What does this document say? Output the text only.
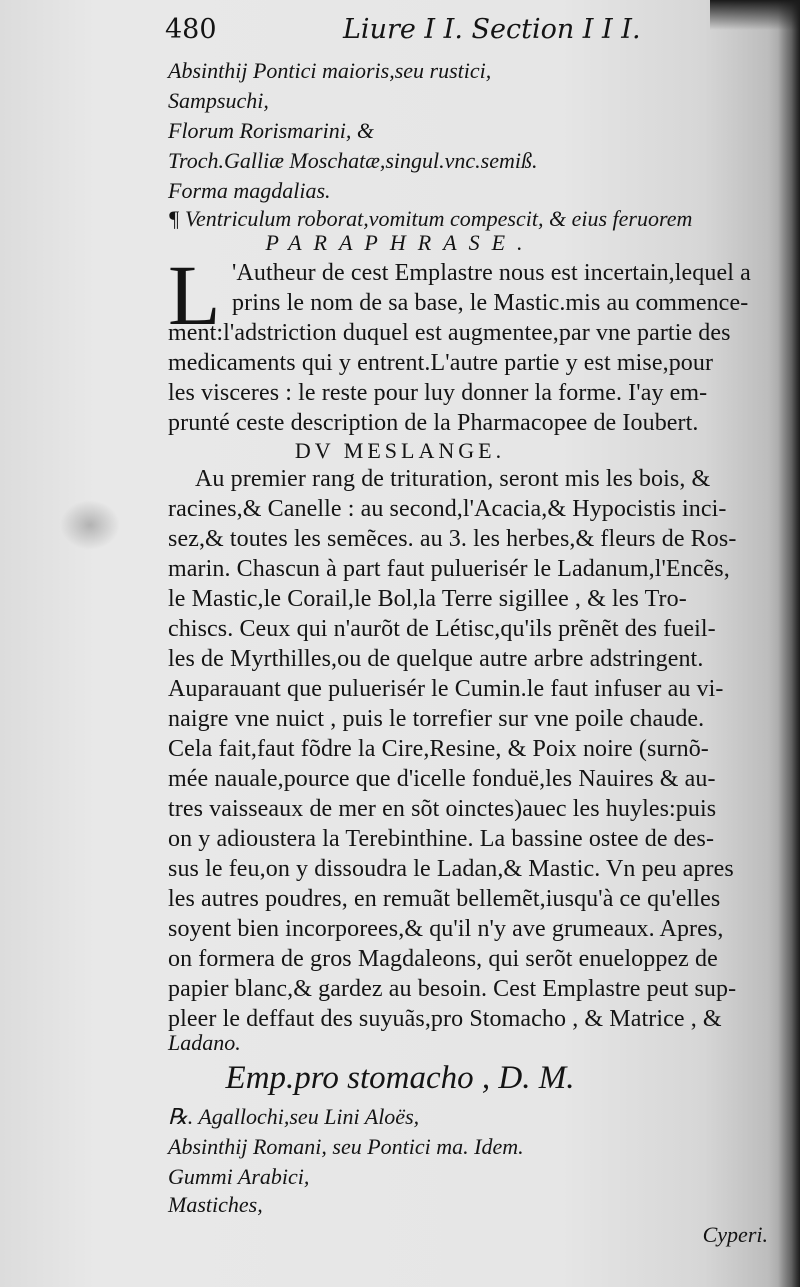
480	Liure I I. Section I I I.
Absinthij Pontici maioris,seu rustici,
Sampsuchi,
Florum Rorismarini, &
Troch.Galliæ Moschatæ,singul.vnc.semiß.
Forma magdalias.
¶ Ventriculum roborat,vomitum compescit, & eius feruorem
PARAPHRASE.
L 'Autheur de cest Emplastre nous est incertain,lequel a
prins le nom de sa base, le Mastic.mis au commence-
ment:l'adstriction duquel est augmentee,par vne partie des
medicaments qui y entrent.L'autre partie y est mise,pour
les visceres : le reste pour luy donner la forme. I'ay em-
prunté ceste description de la Pharmacopee de Ioubert.
DV MESLANGE.
Au premier rang de trituration, seront mis les bois, &
racines,& Canelle : au second,l'Acacia,& Hypocistis inci-
sez,& toutes les semẽces. au 3. les herbes,& fleurs de Ros-
marin. Chascun à part faut puluerisér le Ladanum,l'Encẽs,
le Mastic,le Corail,le Bol,la Terre sigillee , & les Tro-
chiscs. Ceux qui n'aurõt de Létisc,qu'ils prẽnẽt des fueil-
les de Myrthilles,ou de quelque autre arbre adstringent.
Auparauant que puluerisér le Cumin.le faut infuser au vi-
naigre vne nuict , puis le torrefier sur vne poile chaude.
Cela fait,faut fõdre la Cire,Resine, & Poix noire (surnõ-
mée nauale,pource que d'icelle fonduë,les Nauires & au-
tres vaisseaux de mer en sõt oinctes)auec les huyles:puis
on y adioustera la Terebinthine. La bassine ostee de des-
sus le feu,on y dissoudra le Ladan,& Mastic. Vn peu apres
les autres poudres, en remuãt bellemẽt,iusqu'à ce qu'elles
soyent bien incorporees,& qu'il n'y ave grumeaux. Apres,
on formera de gros Magdaleons, qui serõt enueloppez de
papier blanc,& gardez au besoin. Cest Emplastre peut sup-
pleer le deffaut des suyuãs,pro Stomacho , & Matrice , &
Ladano.
Emp.pro stomacho , D. M.
℞. Agallochi,seu Lini Aloës,
Absinthij Romani, seu Pontici ma. Idem.
Gummi Arabici,
Mastiches,
Cyperi.
